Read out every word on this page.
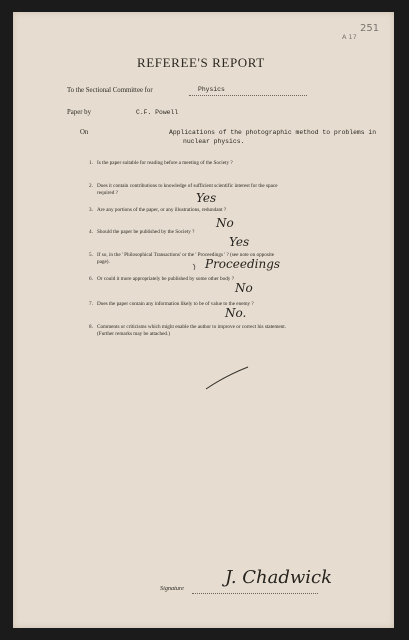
251
A 17
REFEREE'S REPORT
To the Sectional Committee for	Physics
Paper by	C.F. Powell
On	Applications of the photographic method to problems in
nuclear physics.
1. Is the paper suitable for reading before a meeting of the Society ?
2. Does it contain contributions to knowledge of sufficient scientific interest for the space
required ?	Yes
3. Are any portions of the paper, or any illustrations, redundant ?
No
4. Should the paper be published by the Society ?
Yes
5. If so, in the ' Philosophical Transactions' or the ' Proceedings ' ? (see note on opposite
page).	Proceedings
6. Or could it more appropriately be published by some other body ?
No
7. Does the paper contain any information likely to be of value to the enemy ?
No.
8. Comments or criticisms which might enable the author to improve or correct his statement.
(Further remarks may be attached.)
Signature
J. Chadwick
